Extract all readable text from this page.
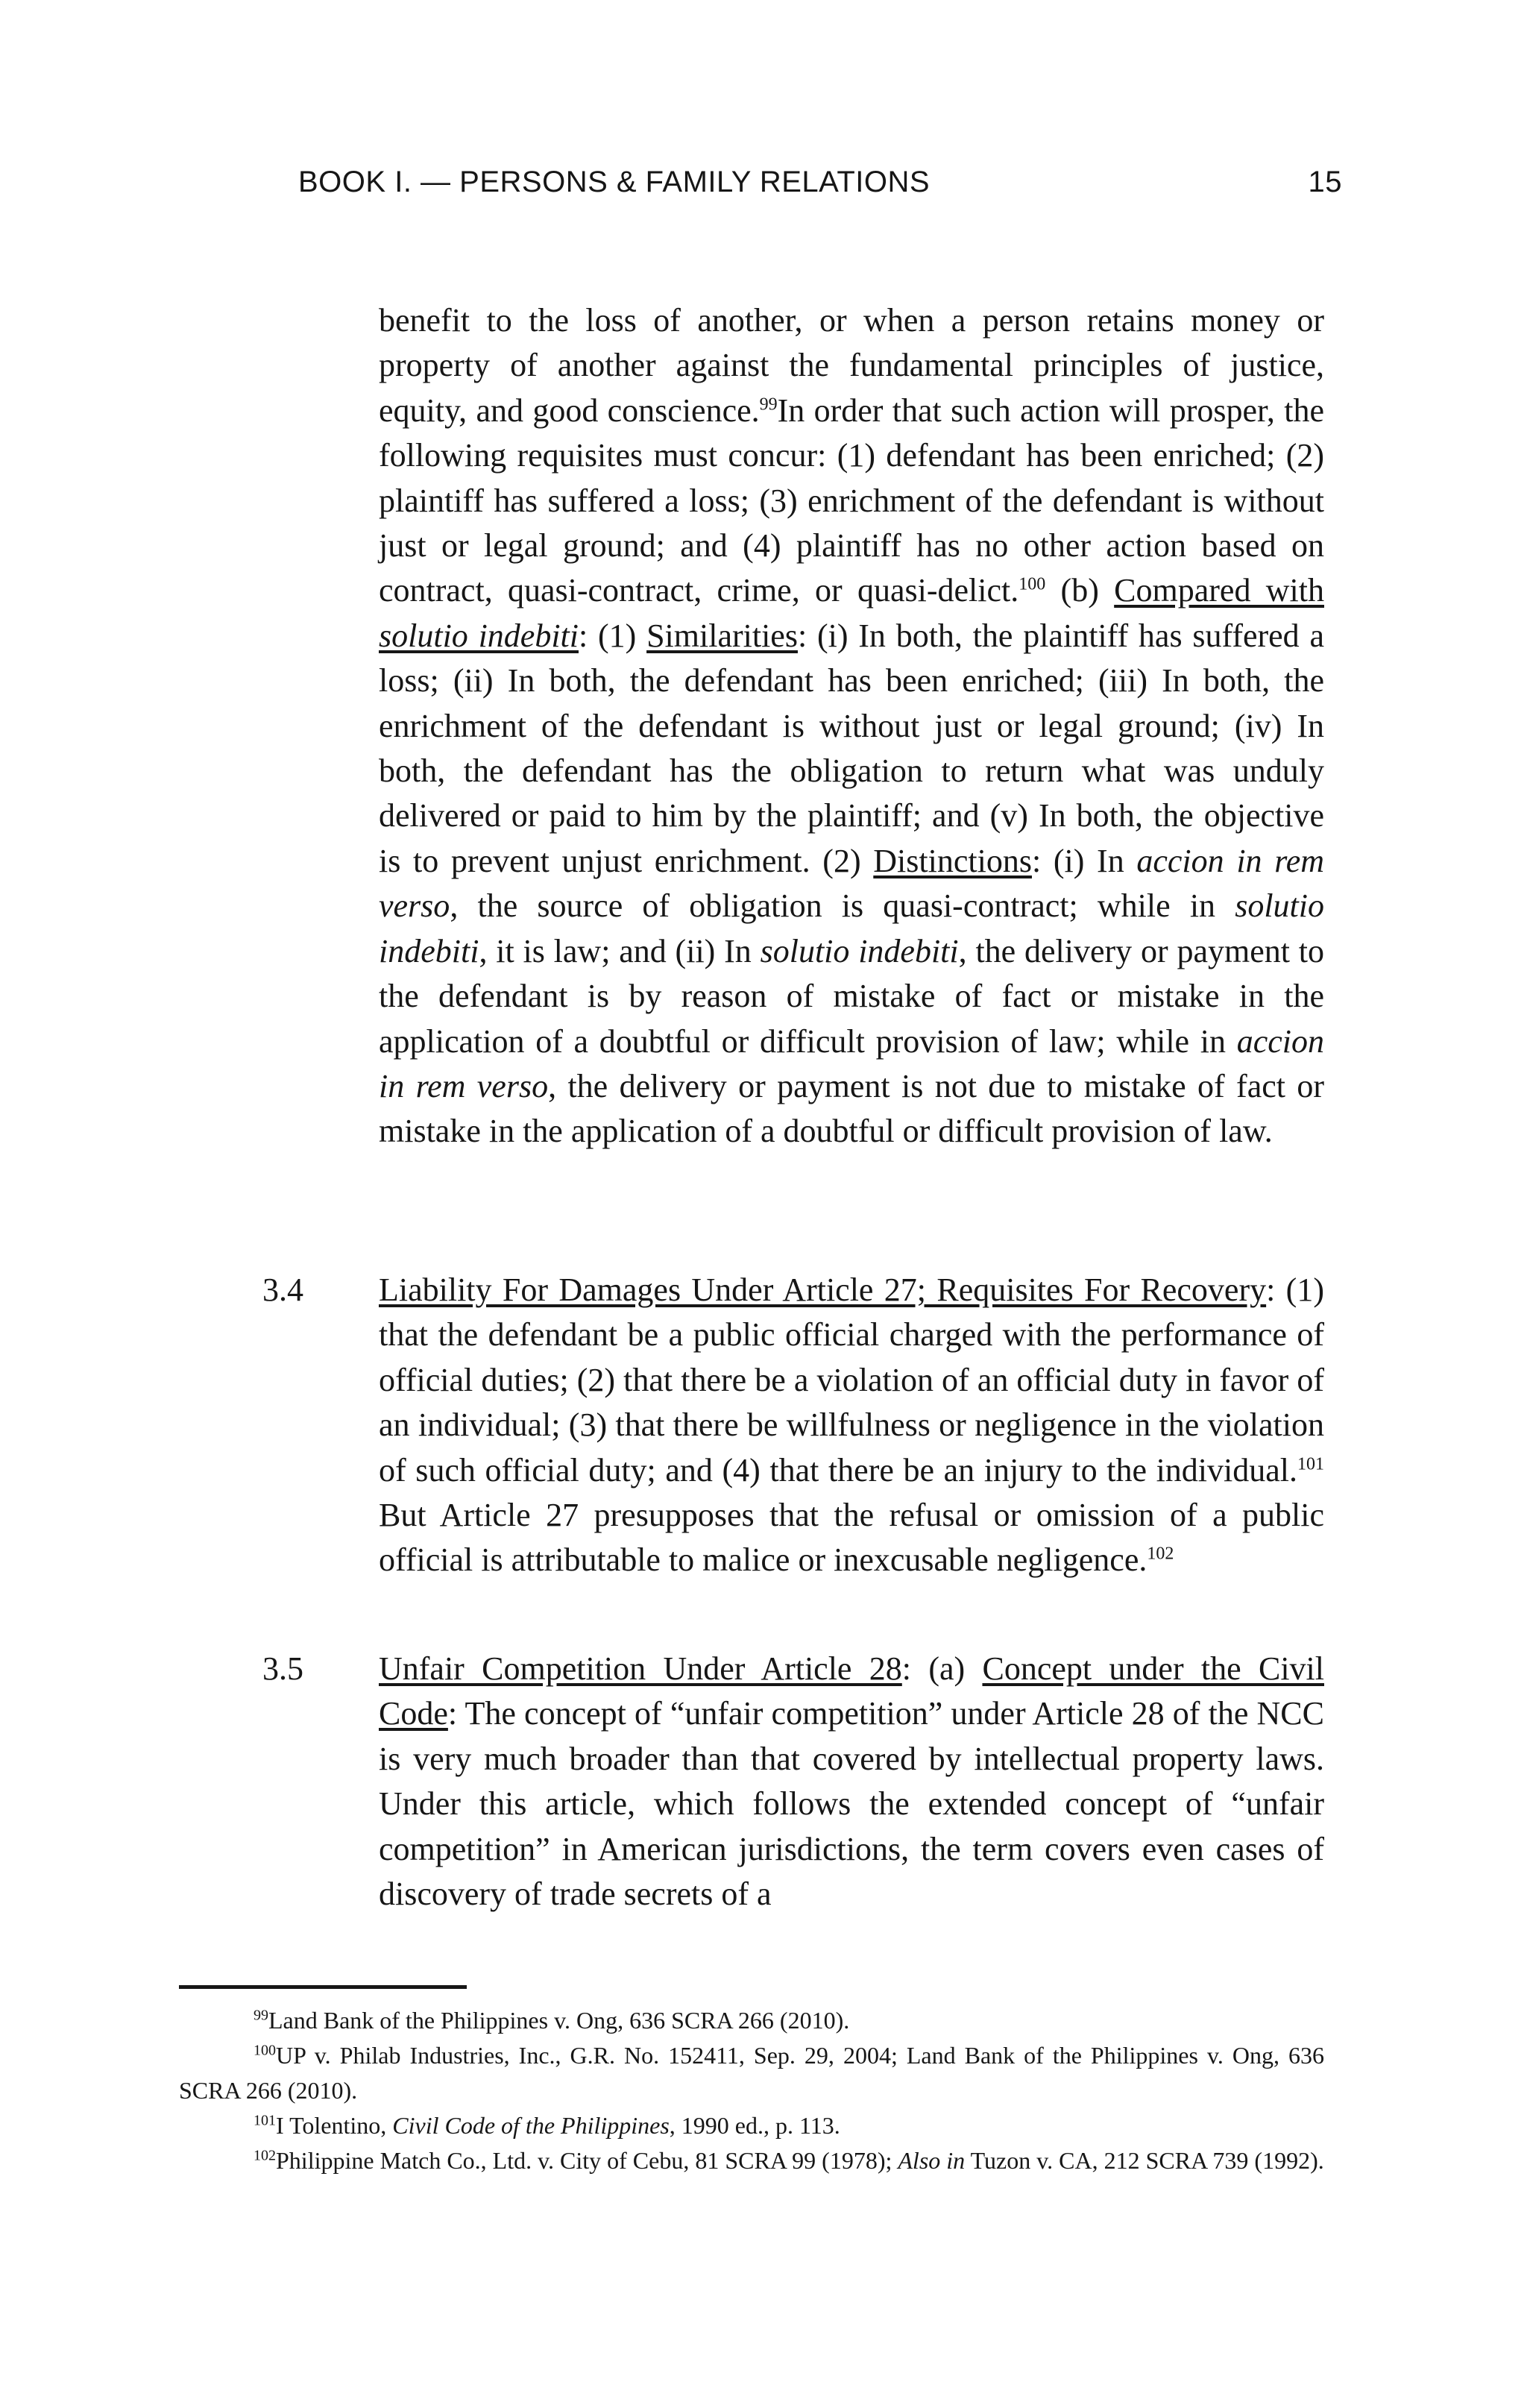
BOOK I. — PERSONS & FAMILY RELATIONS	15
benefit to the loss of another, or when a person retains money or property of another against the fundamental principles of justice, equity, and good conscience.$^{99}$In order that such action will prosper, the following requisites must concur: (1) defendant has been enriched; (2) plaintiff has suffered a loss; (3) enrichment of the defendant is without just or legal ground; and (4) plaintiff has no other action based on contract, quasi-contract, crime, or quasi-delict.$^{100}$ (b) Compared with solutio indebiti: (1) Similarities: (i) In both, the plaintiff has suffered a loss; (ii) In both, the defendant has been enriched; (iii) In both, the enrichment of the defendant is without just or legal ground; (iv) In both, the defendant has the obligation to return what was unduly delivered or paid to him by the plaintiff; and (v) In both, the objective is to prevent unjust enrichment. (2) Distinctions: (i) In accion in rem verso, the source of obligation is quasi-contract; while in solutio indebiti, it is law; and (ii) In solutio indebiti, the delivery or payment to the defendant is by reason of mistake of fact or mistake in the application of a doubtful or difficult provision of law; while in accion in rem verso, the delivery or payment is not due to mistake of fact or mistake in the application of a doubtful or difficult provision of law.
3.4 Liability For Damages Under Article 27; Requisites For Recovery: (1) that the defendant be a public official charged with the performance of official duties; (2) that there be a violation of an official duty in favor of an individual; (3) that there be willfulness or negligence in the violation of such official duty; and (4) that there be an injury to the individual.$^{101}$ But Article 27 presupposes that the refusal or omission of a public official is attributable to malice or inexcusable negligence.$^{102}$
3.5 Unfair Competition Under Article 28: (a) Concept under the Civil Code: The concept of “unfair competition” under Article 28 of the NCC is very much broader than that covered by intellectual property laws. Under this article, which follows the extended concept of “unfair competition” in American jurisdictions, the term covers even cases of discovery of trade secrets of a

$^{99}$Land Bank of the Philippines v. Ong, 636 SCRA 266 (2010).

$^{100}$UP v. Philab Industries, Inc., G.R. No. 152411, Sep. 29, 2004; Land Bank of the Philippines v. Ong, 636 SCRA 266 (2010).

$^{101}$I Tolentino, Civil Code of the Philippines, 1990 ed., p. 113.

$^{102}$Philippine Match Co., Ltd. v. City of Cebu, 81 SCRA 99 (1978); Also in Tuzon v. CA, 212 SCRA 739 (1992).
